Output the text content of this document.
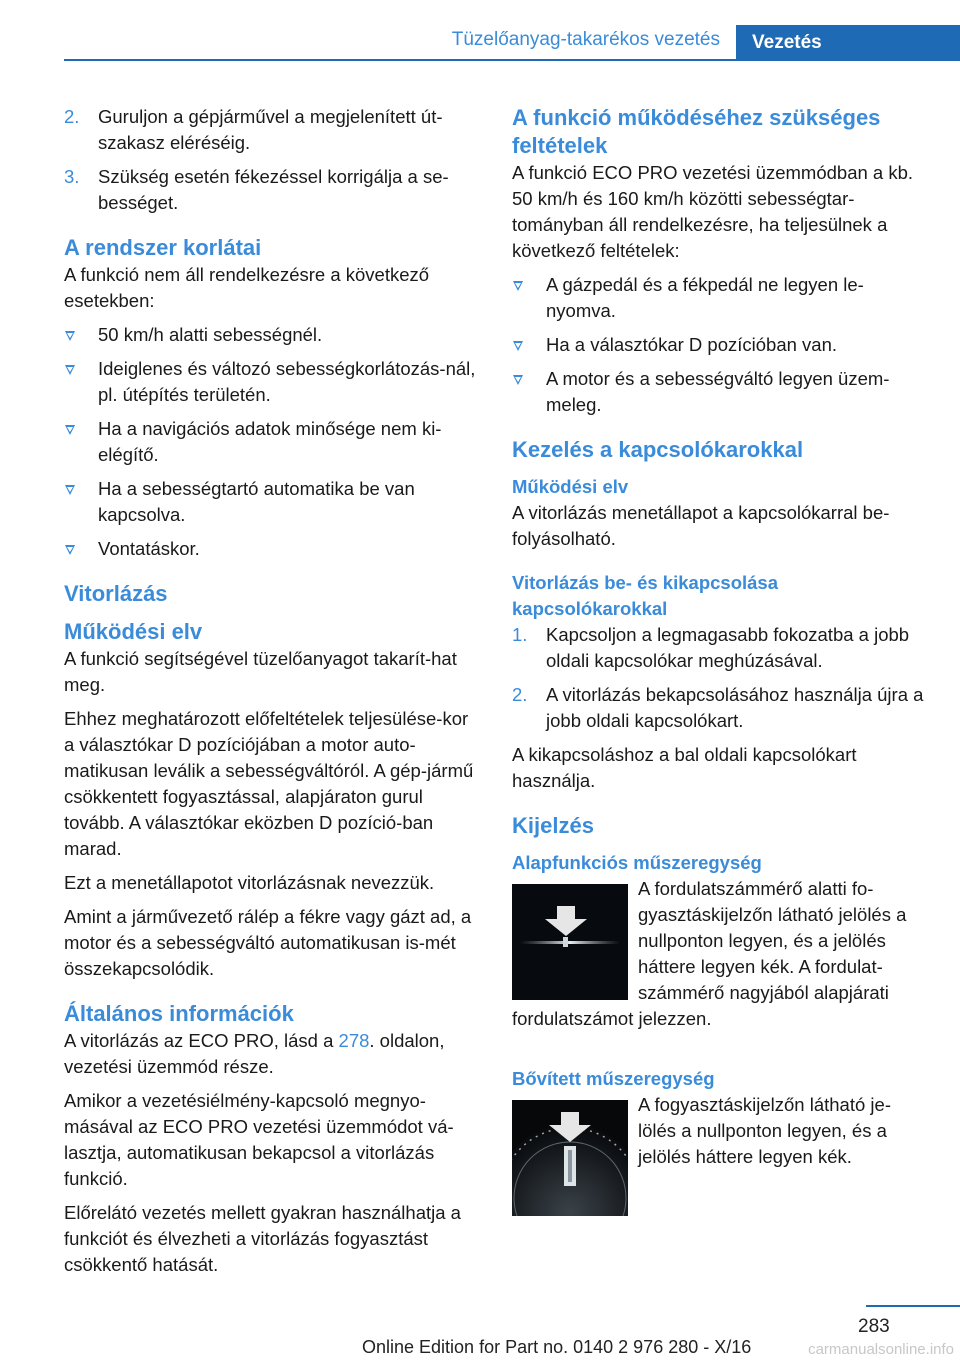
Tüzelőanyag-takarékos vezetés	Vezetés
2. Guruljon a gépjárművel a megjelenített út-szakasz eléréséig.
3. Szükség esetén fékezéssel korrigálja a se-bességet.
A rendszer korlátai

A funkció nem áll rendelkezésre a következő esetekben:

50 km/h alatti sebességnél.
Ideiglenes és változó sebességkorlátozás-nál, pl. útépítés területén.
Ha a navigációs adatok minősége nem ki-elégítő.
Ha a sebességtartó automatika be van kapcsolva.
Vontatáskor.
Vitorlázás
Működési elv

A funkció segítségével tüzelőanyagot takarít-hat meg.

Ehhez meghatározott előfeltételek teljesülése-kor a választókar D pozíciójában a motor auto-matikusan leválik a sebességváltóról. A gép-jármű csökkentett fogyasztással, alapjáraton gurul tovább. A választókar eközben D pozíció-ban marad.

Ezt a menetállapotot vitorlázásnak nevezzük.

Amint a járművezető rálép a fékre vagy gázt ad, a motor és a sebességváltó automatikusan is-mét összekapcsolódik.

Általános információk

A vitorlázás az ECO PRO, lásd a 278. oldalon, vezetési üzemmód része.

Amikor a vezetésiélmény-kapcsoló megnyo-másával az ECO PRO vezetési üzemmódot vá-lasztja, automatikusan bekapcsol a vitorlázás funkció.

Előrelátó vezetés mellett gyakran használhatja a funkciót és élvezheti a vitorlázás fogyasztást csökkentő hatását.

A funkció működéséhez szükséges feltételek

A funkció ECO PRO vezetési üzemmódban a kb. 50 km/h és 160 km/h közötti sebességtar-tományban áll rendelkezésre, ha teljesülnek a következő feltételek:

A gázpedál és a fékpedál ne legyen le-nyomva.
Ha a választókar D pozícióban van.
A motor és a sebességváltó legyen üzem-meleg.
Kezelés a kapcsolókarokkal
Működési elv

A vitorlázás menetállapot a kapcsolókarral be-folyásolható.

Vitorlázás be- és kikapcsolása kapcsolókarokkal
1. Kapcsoljon a legmagasabb fokozatba a jobb oldali kapcsolókar meghúzásával.
2. A vitorlázás bekapcsolásához használja újra a jobb oldali kapcsolókart.

A kikapcsoláshoz a bal oldali kapcsolókart használja.

Kijelzés
Alapfunkciós műszeregység
A fordulatszámmérő alatti fo-
gyasztáskijelzőn látható jelölés a
nullponton legyen, és a jelölés
háttere legyen kék. A fordulat-
számmérő nagyjából alapjárati
fordulatszámot jelezzen.
Bővített műszeregység
A fogyasztáskijelzőn látható je-
lölés a nullponton legyen, és a
jelölés háttere legyen kék.
283
Online Edition for Part no. 0140 2 976 280 - X/16	carmanualsonline.info
